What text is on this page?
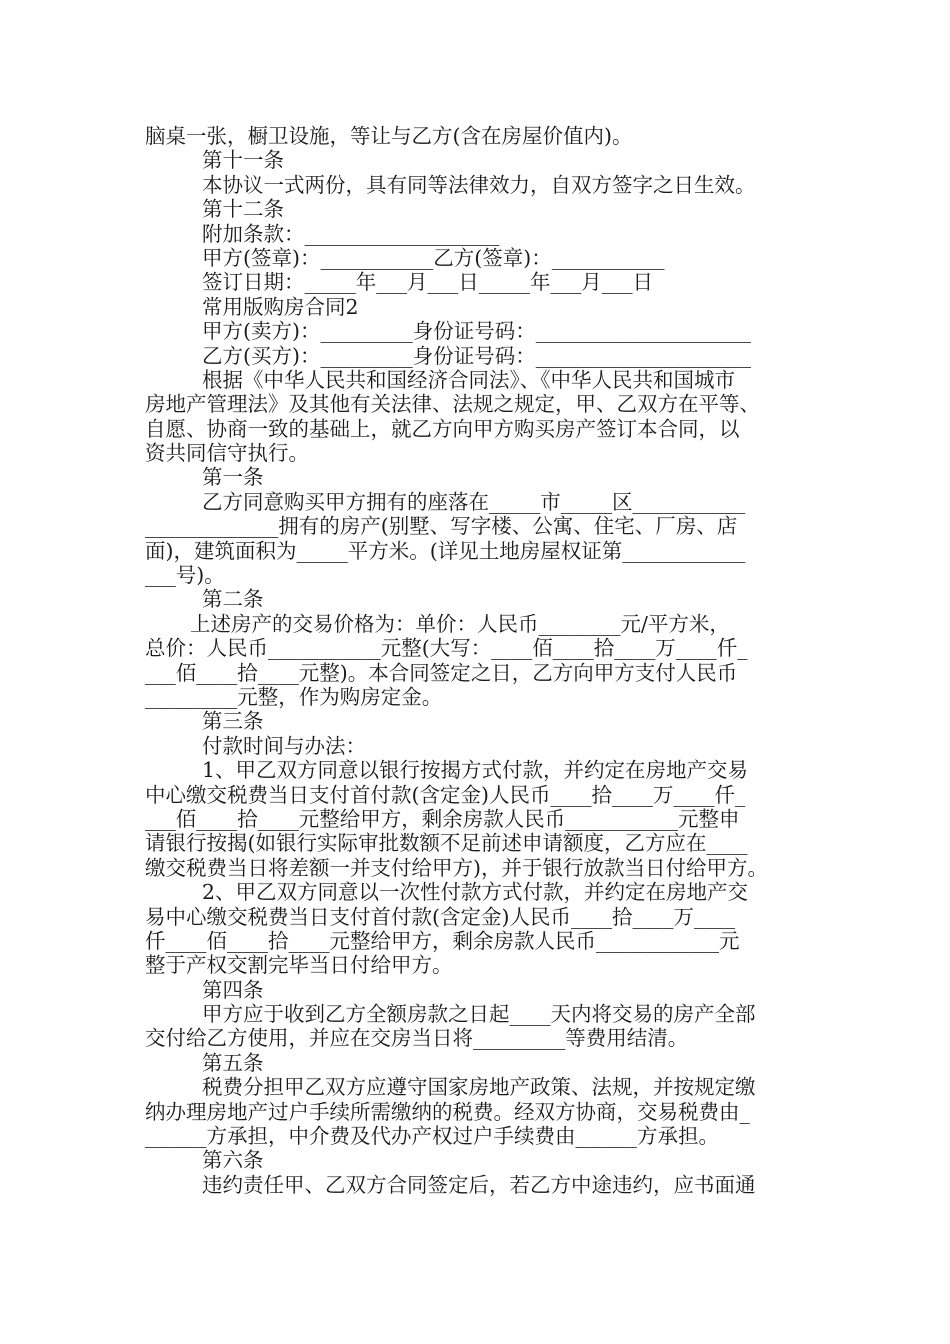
脑桌一张，橱卫设施，等让与乙方(含在房屋价值内)。
第十一条
本协议一式两份，具有同等法律效力，自双方签字之日生效。
第十二条
附加条款：___________________
甲方(签章)：___________乙方(签章)：___________
签订日期：_____年___月___日_____年___月___日
常用版购房合同2
甲方(卖方)：_________身份证号码：_____________________
乙方(买方)：_________身份证号码：_____________________
根据《中华人民共和国经济合同法》、《中华人民共和国城市
房地产管理法》及其他有关法律、法规之规定，甲、乙双方在平等、
自愿、协商一致的基础上，就乙方向甲方购买房产签订本合同，以
资共同信守执行。
第一条
乙方同意购买甲方拥有的座落在_____市_____区___________
_____________拥有的房产(别墅、写字楼、公寓、住宅、厂房、店
面)，建筑面积为_____平方米。(详见土地房屋权证第____________
___号)。
第二条
上述房产的交易价格为：单价：人民币________元/平方米，
总价：人民币___________元整(大写：____佰____拾____万____仟_
___佰____拾____元整)。本合同签定之日，乙方向甲方支付人民币
_________元整，作为购房定金。
第三条
付款时间与办法：
1、甲乙双方同意以银行按揭方式付款，并约定在房地产交易
中心缴交税费当日支付首付款(含定金)人民币____拾____万____仟_
___佰____拾____元整给甲方，剩余房款人民币___________元整申
请银行按揭(如银行实际审批数额不足前述申请额度，乙方应在____
缴交税费当日将差额一并支付给甲方)，并于银行放款当日付给甲方。
2、甲乙双方同意以一次性付款方式付款，并约定在房地产交
易中心缴交税费当日支付首付款(含定金)人民币____拾____万____
仟____佰____拾____元整给甲方，剩余房款人民币____________元
整于产权交割完毕当日付给甲方。
第四条
甲方应于收到乙方全额房款之日起____天内将交易的房产全部
交付给乙方使用，并应在交房当日将_________等费用结清。
第五条
税费分担甲乙双方应遵守国家房地产政策、法规，并按规定缴
纳办理房地产过户手续所需缴纳的税费。经双方协商，交易税费由_
______方承担，中介费及代办产权过户手续费由______方承担。
第六条
违约责任甲、乙双方合同签定后，若乙方中途违约，应书面通
